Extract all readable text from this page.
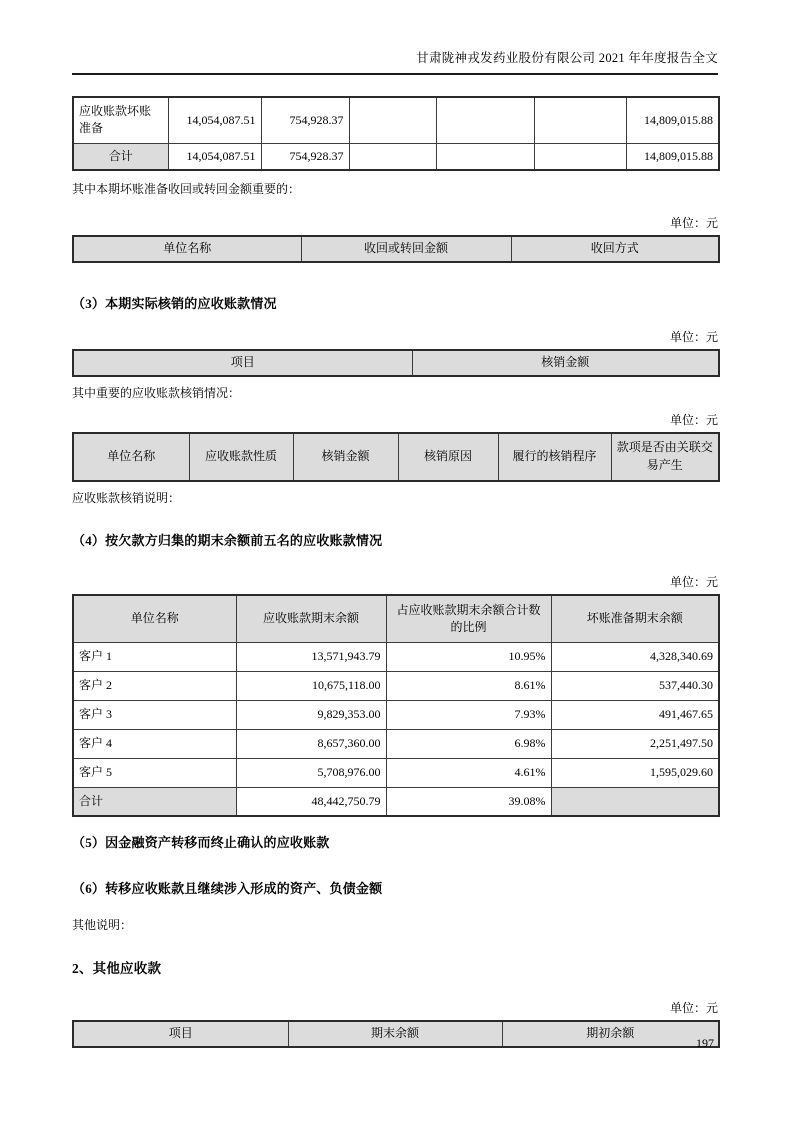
甘肃陇神戎发药业股份有限公司 2021 年年度报告全文
应收账款坏账准备	14,054,087.51	754,928.37				14,809,015.88
合计	14,054,087.51	754,928.37				14,809,015.88

其中本期坏账准备收回或转回金额重要的：

单位：元
单位名称	收回或转回金额	收回方式
（3）本期实际核销的应收账款情况
单位：元
项目	核销金额

其中重要的应收账款核销情况：

单位：元
单位名称	应收账款性质	核销金额	核销原因	履行的核销程序	款项是否由关联交易产生

应收账款核销说明：

（4）按欠款方归集的期末余额前五名的应收账款情况
单位：元
单位名称	应收账款期末余额	占应收账款期末余额合计数的比例	坏账准备期末余额
客户 1	13,571,943.79	10.95%	4,328,340.69
客户 2	10,675,118.00	8.61%	537,440.30
客户 3	9,829,353.00	7.93%	491,467.65
客户 4	8,657,360.00	6.98%	2,251,497.50
客户 5	5,708,976.00	4.61%	1,595,029.60
合计	48,442,750.79	39.08%	
（5）因金融资产转移而终止确认的应收账款
（6）转移应收账款且继续涉入形成的资产、负债金额

其他说明：

2、其他应收款
单位：元
项目	期末余额	期初余额
197
